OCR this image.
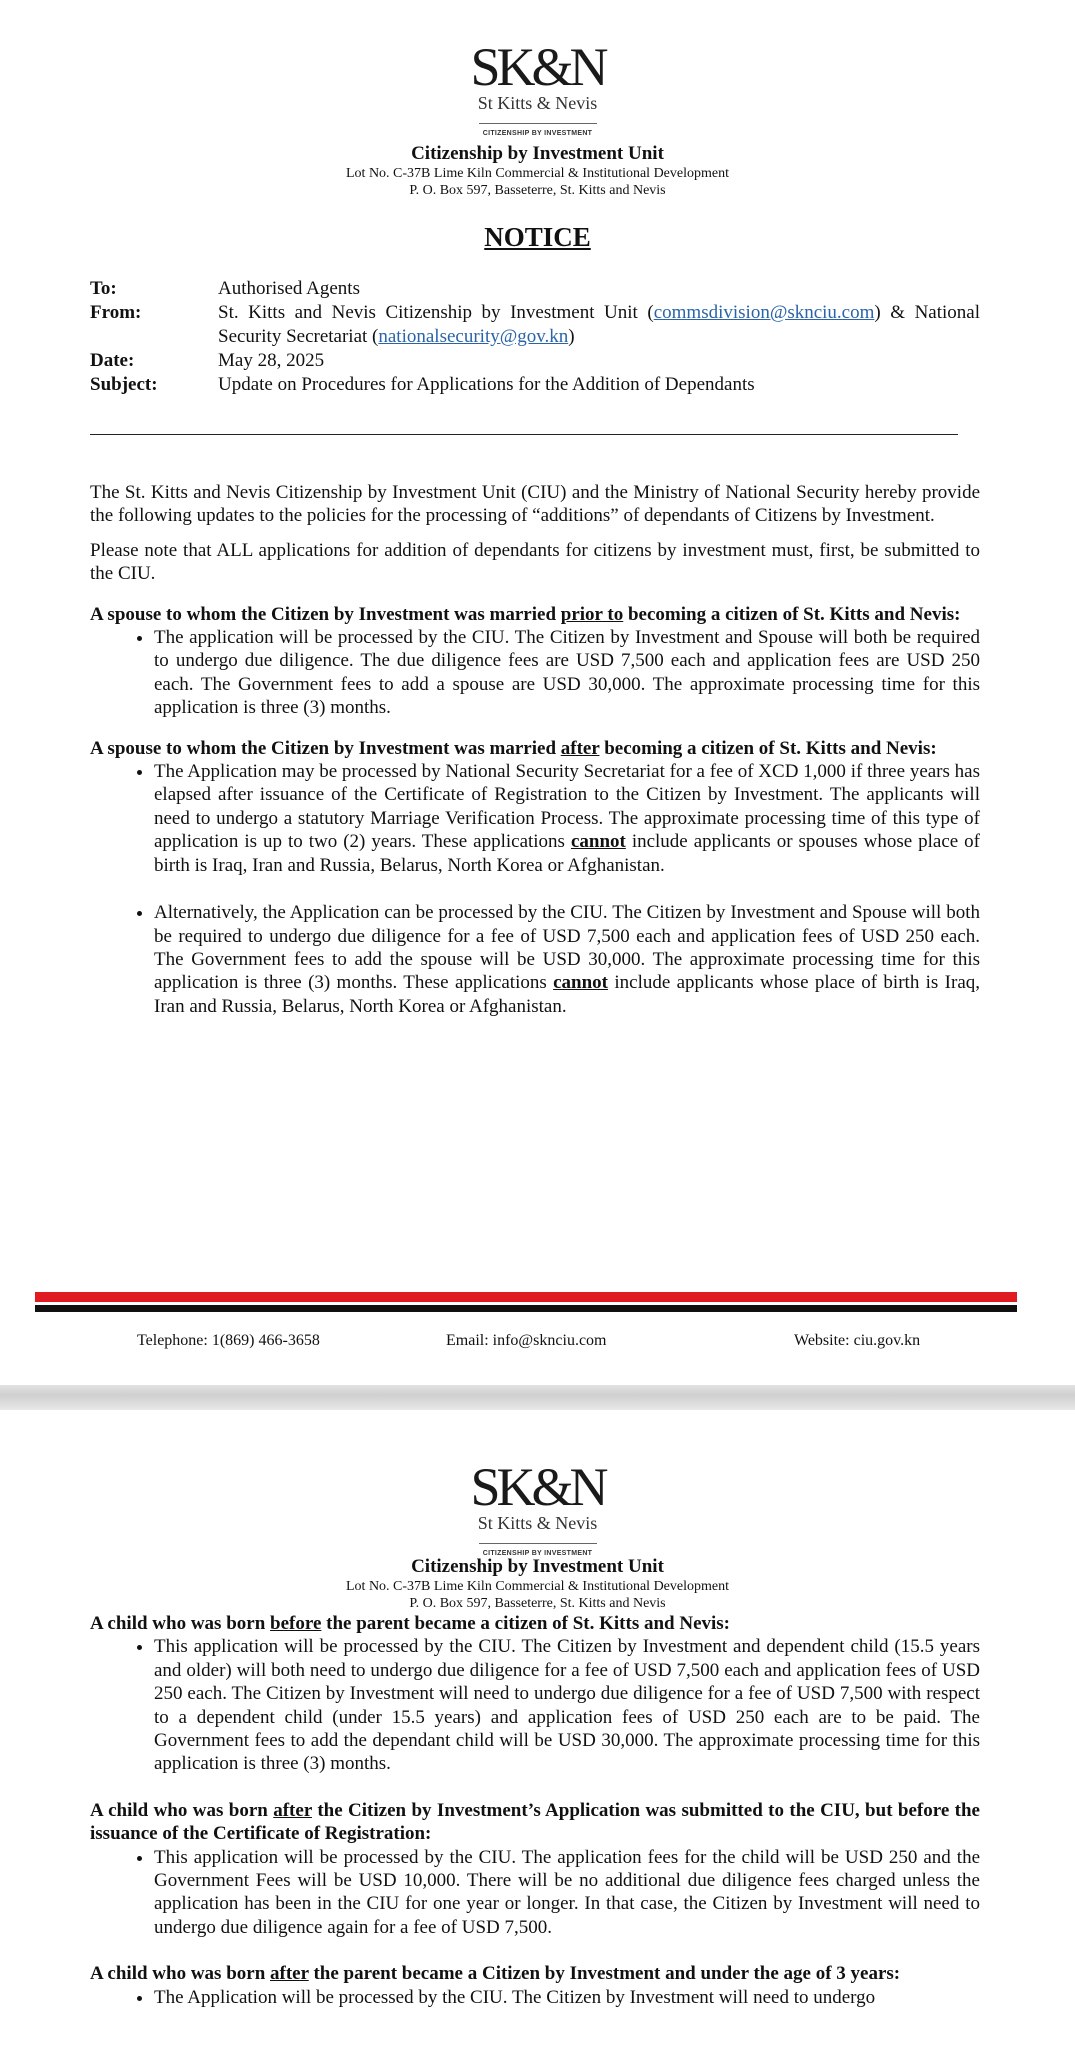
SK&N
St Kitts & Nevis
CITIZENSHIP BY INVESTMENT
Citizenship by Investment Unit
Lot No. C-37B Lime Kiln Commercial & Institutional Development
P. O. Box 597, Basseterre, St. Kitts and Nevis
NOTICE
To:	Authorised Agents
From:	St. Kitts and Nevis Citizenship by Investment Unit (commsdivision@sknciu.com) & National Security Secretariat (nationalsecurity@gov.kn)
Date:	May 28, 2025
Subject:	Update on Procedures for Applications for the Addition of Dependants

The St. Kitts and Nevis Citizenship by Investment Unit (CIU) and the Ministry of National Security hereby provide the following updates to the policies for the processing of “additions” of dependants of Citizens by Investment.

Please note that ALL applications for addition of dependants for citizens by investment must, first, be submitted to the CIU.

A spouse to whom the Citizen by Investment was married prior to becoming a citizen of St. Kitts and Nevis:

• The application will be processed by the CIU. The Citizen by Investment and Spouse will both be required to undergo due diligence. The due diligence fees are USD 7,500 each and application fees are USD 250 each. The Government fees to add a spouse are USD 30,000. The approximate processing time for this application is three (3) months.

A spouse to whom the Citizen by Investment was married after becoming a citizen of St. Kitts and Nevis:

• The Application may be processed by National Security Secretariat for a fee of XCD 1,000 if three years has elapsed after issuance of the Certificate of Registration to the Citizen by Investment. The applicants will need to undergo a statutory Marriage Verification Process. The approximate processing time of this type of application is up to two (2) years. These applications cannot include applicants or spouses whose place of birth is Iraq, Iran and Russia, Belarus, North Korea or Afghanistan.
• Alternatively, the Application can be processed by the CIU. The Citizen by Investment and Spouse will both be required to undergo due diligence for a fee of USD 7,500 each and application fees of USD 250 each. The Government fees to add the spouse will be USD 30,000. The approximate processing time for this application is three (3) months. These applications cannot include applicants whose place of birth is Iraq, Iran and Russia, Belarus, North Korea or Afghanistan.
Telephone: 1(869) 466-3658	Email: info@sknciu.com	Website: ciu.gov.kn
SK&N
St Kitts & Nevis
CITIZENSHIP BY INVESTMENT
Citizenship by Investment Unit
Lot No. C-37B Lime Kiln Commercial & Institutional Development
P. O. Box 597, Basseterre, St. Kitts and Nevis

A child who was born before the parent became a citizen of St. Kitts and Nevis:

• This application will be processed by the CIU. The Citizen by Investment and dependent child (15.5 years and older) will both need to undergo due diligence for a fee of USD 7,500 each and application fees of USD 250 each. The Citizen by Investment will need to undergo due diligence for a fee of USD 7,500 with respect to a dependent child (under 15.5 years) and application fees of USD 250 each are to be paid. The Government fees to add the dependant child will be USD 30,000. The approximate processing time for this application is three (3) months.

A child who was born after the Citizen by Investment’s Application was submitted to the CIU, but before the issuance of the Certificate of Registration:

• This application will be processed by the CIU. The application fees for the child will be USD 250 and the Government Fees will be USD 10,000. There will be no additional due diligence fees charged unless the application has been in the CIU for one year or longer. In that case, the Citizen by Investment will need to undergo due diligence again for a fee of USD 7,500.

A child who was born after the parent became a Citizen by Investment and under the age of 3 years:

• The Application will be processed by the CIU. The Citizen by Investment will need to undergo
